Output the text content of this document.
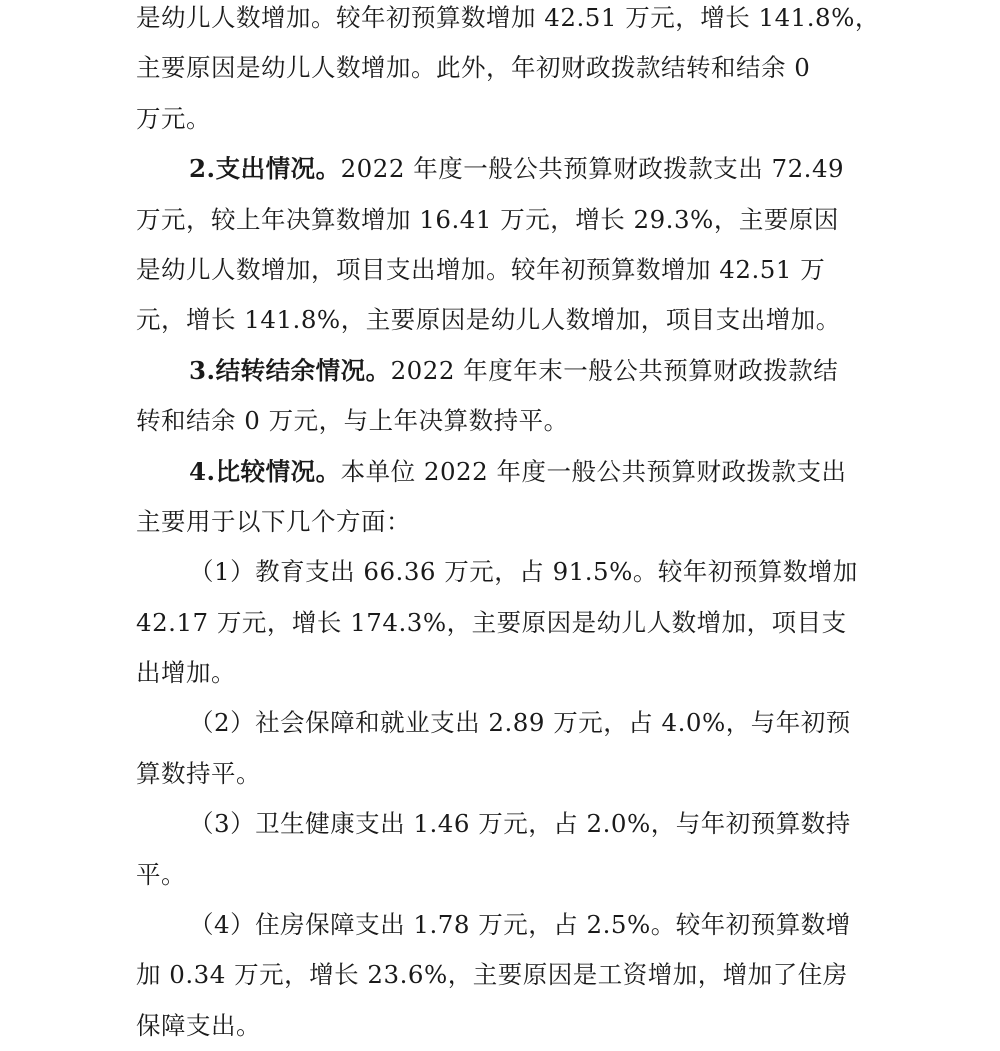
是幼儿人数增加。较年初预算数增加 42.51 万元，增长 141.8%，
主要原因是幼儿人数增加。此外，年初财政拨款结转和结余 0
万元。
2.支出情况。2022 年度一般公共预算财政拨款支出 72.49
万元，较上年决算数增加 16.41 万元，增长 29.3%，主要原因
是幼儿人数增加，项目支出增加。较年初预算数增加 42.51 万
元，增长 141.8%，主要原因是幼儿人数增加，项目支出增加。
3.结转结余情况。2022 年度年末一般公共预算财政拨款结
转和结余 0 万元，与上年决算数持平。
4.比较情况。本单位 2022 年度一般公共预算财政拨款支出
主要用于以下几个方面：
（1）教育支出 66.36 万元，占 91.5%。较年初预算数增加
42.17 万元，增长 174.3%，主要原因是幼儿人数增加，项目支
出增加。
（2）社会保障和就业支出 2.89 万元，占 4.0%，与年初预
算数持平。
（3）卫生健康支出 1.46 万元，占 2.0%，与年初预算数持
平。
（4）住房保障支出 1.78 万元，占 2.5%。较年初预算数增
加 0.34 万元，增长 23.6%，主要原因是工资增加，增加了住房
保障支出。
